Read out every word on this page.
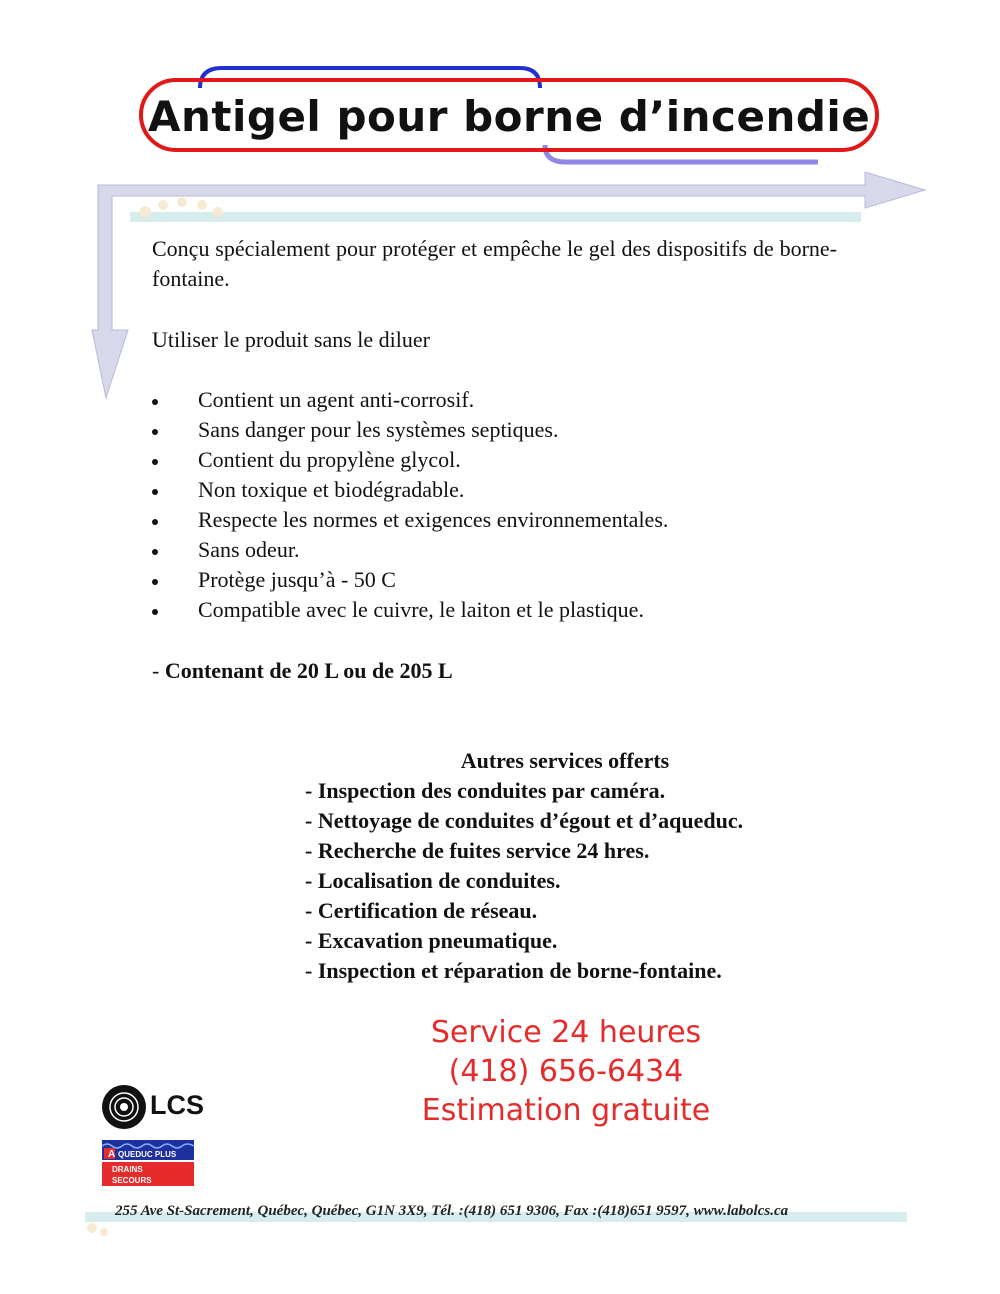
Antigel pour borne d’incendie
Conçu spécialement pour protéger et empêche le gel des dispositifs de borne-fontaine.
Utiliser le produit sans le diluer
Contient un agent anti-corrosif.
Sans danger pour les systèmes septiques.
Contient du propylène glycol.
Non toxique et biodégradable.
Respecte les normes et exigences environnementales.
Sans odeur.
Protège jusqu’à - 50 C
Compatible avec le cuivre, le laiton et le plastique.
- Contenant de 20 L ou de 205 L
Autres services offerts
- Inspection des conduites par caméra.
- Nettoyage de conduites d’égout et d’aqueduc.
- Recherche de fuites service 24 hres.
- Localisation de conduites.
- Certification de réseau.
- Excavation pneumatique.
- Inspection et réparation de borne-fontaine.
Service 24 heures
(418) 656-6434
Estimation gratuite
LCS
A QUEDUC PLUS
DRAINS
SECOURS
255 Ave St-Sacrement, Québec, Québec, G1N 3X9, Tél. :(418) 651 9306, Fax :(418)651 9597, www.labolcs.ca
